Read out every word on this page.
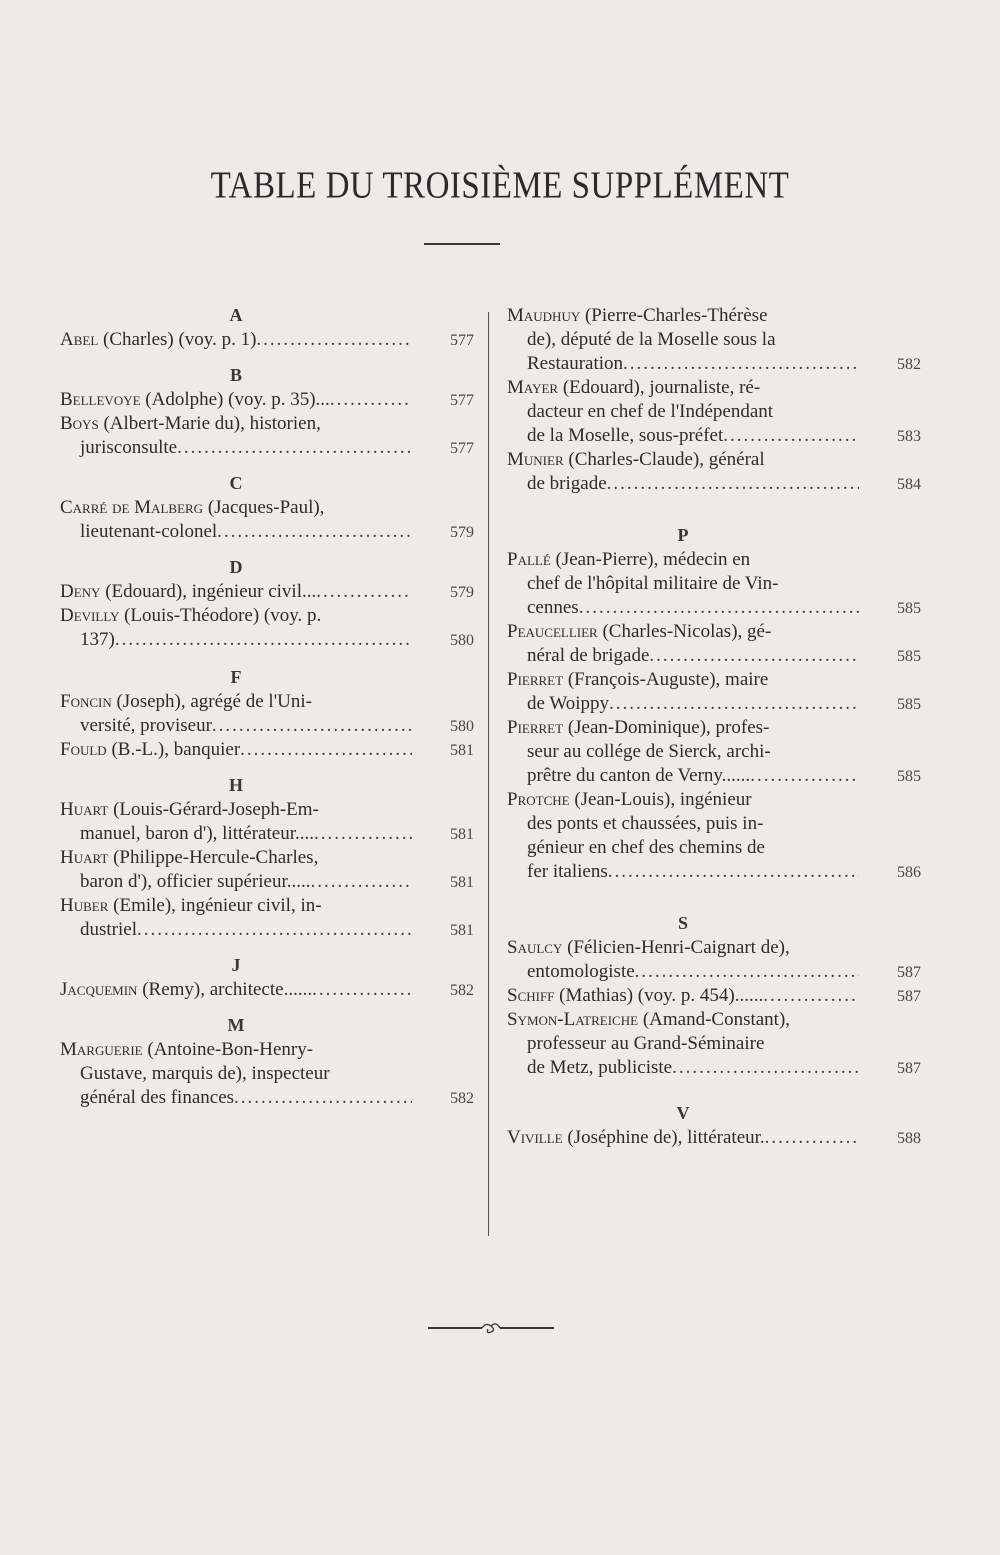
TABLE DU TROISIÈME SUPPLÉMENT
A
Abel (Charles) (voy. p. 1) .....	577
B
Bellevoye (Adolphe) (voy. p. 35)... .....	577
Boys (Albert-Marie du), historien,
jurisconsulte .....	577
C
Carré de Malberg (Jacques-Paul),
lieutenant-colonel .....	579
D
Deny (Edouard), ingénieur civil... .....	579
Devilly (Louis-Théodore) (voy. p.
137) .....	580
F
Foncin (Joseph), agrégé de l'Uni-
versité, proviseur .....	580
Fould (B.-L.), banquier .....	581
H
Huart (Louis-Gérard-Joseph-Em-
manuel, baron d'), littérateur.... .....	581
Huart (Philippe-Hercule-Charles,
baron d'), officier supérieur..... .....	581
Huber (Emile), ingénieur civil, in-
dustriel .....	581
J
Jacquemin (Remy), architecte...... .....	582
M
Marguerie (Antoine-Bon-Henry-
Gustave, marquis de), inspecteur
général des finances .....	582
Maudhuy (Pierre-Charles-Thérèse
de), député de la Moselle sous la
Restauration .....	582
Mayer (Edouard), journaliste, ré-
dacteur en chef de l'Indépendant
de la Moselle, sous-préfet .....	583
Munier (Charles-Claude), général
de brigade .....	584
P
Pallé (Jean-Pierre), médecin en
chef de l'hôpital militaire de Vin-
cennes .....	585
Peaucellier (Charles-Nicolas), gé-
néral de brigade .....	585
Pierret (François-Auguste), maire
de Woippy .....	585
Pierret (Jean-Dominique), profes-
seur au collége de Sierck, archi-
prêtre du canton de Verny...... .....	585
Protche (Jean-Louis), ingénieur
des ponts et chaussées, puis in-
génieur en chef des chemins de
fer italiens .....	586
S
Saulcy (Félicien-Henri-Caignart de),
entomologiste .....	587
Schiff (Mathias) (voy. p. 454)...... .....	587
Symon-Latreiche (Amand-Constant),
professeur au Grand-Séminaire
de Metz, publiciste .....	587
V
Viville (Joséphine de), littérateur. .....	588
